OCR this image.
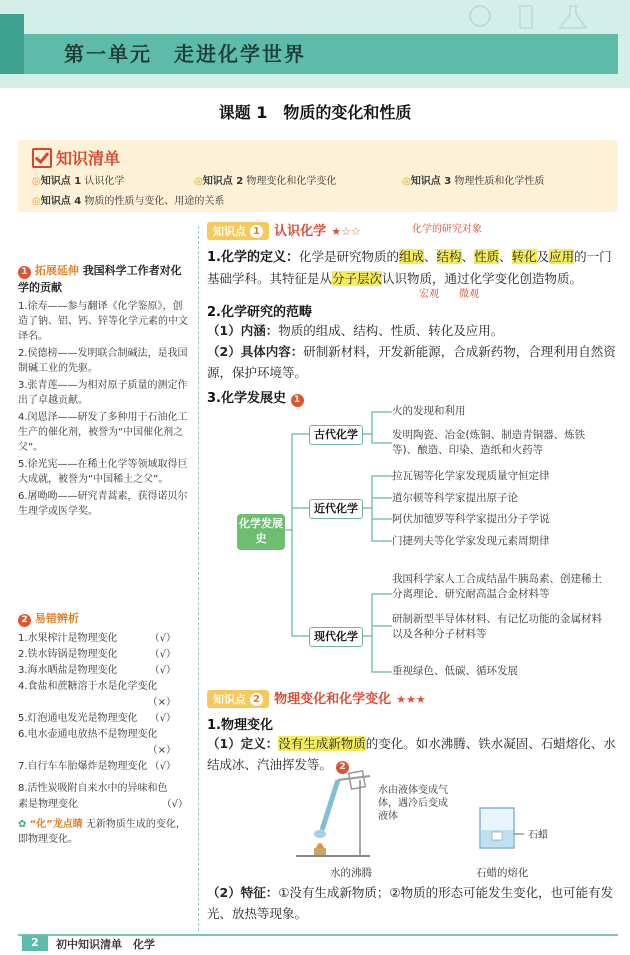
第一单元　走进化学世界
课题 1　物质的变化和性质
知识清单
◎知识点 1 认识化学	◎知识点 2 物理变化和化学变化	◎知识点 3 物理性质和化学性质
◎知识点 4 物质的性质与变化、用途的关系
1 拓展延伸 我国科学工作者对化学的贡献
1.徐寿——参与翻译《化学鉴原》，创造了钠、铝、钙、锌等化学元素的中文译名。
2.侯德榜——发明联合制碱法，是我国制碱工业的先驱。
3.张青莲——为相对原子质量的测定作出了卓越贡献。
4.闵恩泽——研发了多种用于石油化工生产的催化剂，被誉为“中国催化剂之父”。
5.徐光宪——在稀土化学等领域取得巨大成就，被誉为“中国稀土之父”。
6.屠呦呦——研究青蒿素，获得诺贝尔生理学或医学奖。
2 易错辨析
1.水果榨汁是物理变化	（√）
2.铁水铸锅是物理变化	（√）
3.海水晒盐是物理变化	（√）
4.食盐和蔗糖溶于水是化学变化
（×）
5.灯泡通电发光是物理变化 （√）
6.电水壶通电放热不是物理变化
（×）
7.自行车车胎爆炸是物理变化 （√）
8.活性炭吸附自来水中的异味和色素是物理变化	（√）
✿ “化”龙点睛 无新物质生成的变化，即物理变化。
知识点 1 认识化学 ★☆☆	化学的研究对象
1.化学的定义：化学是研究物质的组成、结构、性质、转化及应用的一门基础学科。其特征是从分子层次认识物质，通过化学变化创造物质。
宏观 微观
2.化学研究的范畴
（1）内涵：物质的组成、结构、性质、转化及应用。
（2）具体内容：研制新材料，开发新能源，合成新药物，合理利用自然资源，保护环境等。
3.化学发展史 1
化学发展史
古代化学
近代化学
现代化学
火的发现和利用
发明陶瓷、冶金(炼铜、制造青铜器、炼铁等)、酿造、印染、造纸和火药等
拉瓦锡等化学家发现质量守恒定律
道尔顿等科学家提出原子论
阿伏加德罗等科学家提出分子学说
门捷列夫等化学家发现元素周期律
我国科学家人工合成结晶牛胰岛素、创建稀土分离理论、研究耐高温合金材料等
研制新型半导体材料、有记忆功能的金属材料以及各种分子材料等
重视绿色、低碳、循环发展
知识点 2 物理变化和化学变化 ★★★
1.物理变化
（1）定义：没有生成新物质的变化。如水沸腾、铁水凝固、石蜡熔化、水结成冰、汽油挥发等。 2
水由液体变成气体，遇冷后变成液体
石蜡
水的沸腾	石蜡的熔化
（2）特征：①没有生成新物质；②物质的形态可能发生变化，也可能有发光、放热等现象。
2	初中知识清单　化学
